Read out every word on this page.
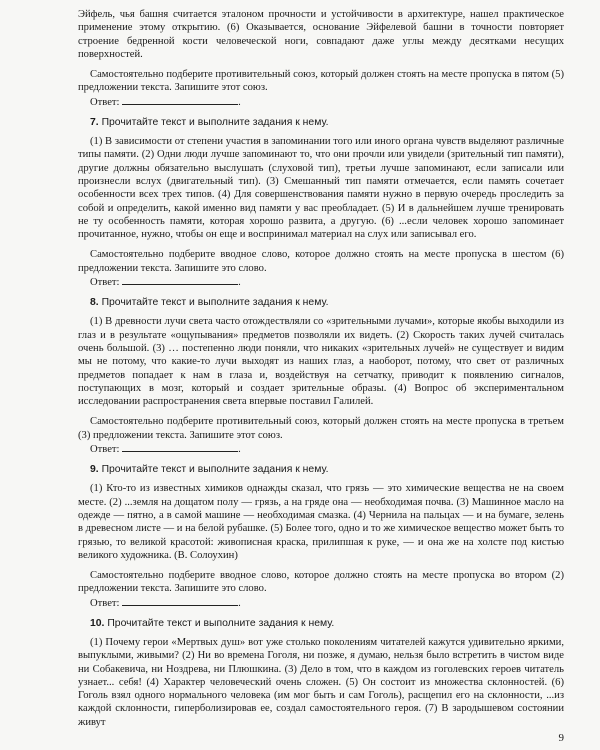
Эйфель, чья башня считается эталоном прочности и устойчивости в архитектуре, нашел практическое применение этому открытию. (6) Оказывается, основание Эйфелевой башни в точности повторяет строение бедренной кости человеческой ноги, совпадают даже углы между десятками несущих поверхностей.

Самостоятельно подберите противительный союз, который должен стоять на месте пропуска в пятом (5) предложении текста. Запишите этот союз.

Ответ:	.
7. Прочитайте текст и выполните задания к нему.

(1) В зависимости от степени участия в запоминании того или иного органа чувств выделяют различные типы памяти. (2) Одни люди лучше запоминают то, что они прочли или увидели (зрительный тип памяти), другие должны обязательно выслушать (слуховой тип), третьи лучше запоминают, если записали или произнесли вслух (двигательный тип). (3) Смешанный тип памяти отмечается, если память сочетает особенности всех трех типов. (4) Для совершенствования памяти нужно в первую очередь проследить за собой и определить, какой именно вид памяти у вас преобладает. (5) И в дальнейшем лучше тренировать не ту особенность памяти, которая хорошо развита, а другую. (6) ...если человек хорошо запоминает прочитанное, нужно, чтобы он еще и воспринимал материал на слух или записывал его.

Самостоятельно подберите вводное слово, которое должно стоять на месте пропуска в шестом (6) предложении текста. Запишите это слово.

Ответ:	.
8. Прочитайте текст и выполните задания к нему.

(1) В древности лучи света часто отождествляли со «зрительными лучами», которые якобы выходили из глаз и в результате «ощупывания» предметов позволяли их видеть. (2) Скорость таких лучей считалась очень большой. (3) … постепенно люди поняли, что никаких «зрительных лучей» не существует и видим мы не потому, что какие-то лучи выходят из наших глаз, а наоборот, потому, что свет от различных предметов попадает к нам в глаза и, воздействуя на сетчатку, приводит к появлению сигналов, поступающих в мозг, который и создает зрительные образы. (4) Вопрос об экспериментальном исследовании распространения света впервые поставил Галилей.

Самостоятельно подберите противительный союз, который должен стоять на месте пропуска в третьем (3) предложении текста. Запишите этот союз.

Ответ:	.
9. Прочитайте текст и выполните задания к нему.

(1) Кто-то из известных химиков однажды сказал, что грязь — это химические вещества не на своем месте. (2) ...земля на дощатом полу — грязь, а на гряде она — необходимая почва. (3) Машинное масло на одежде — пятно, а в самой машине — необходимая смазка. (4) Чернила на пальцах — и на бумаге, зелень в древесном листе — и на белой рубашке. (5) Более того, одно и то же химическое вещество может быть то грязью, то великой красотой: живописная краска, прилипшая к руке, — и она же на холсте под кистью великого художника. (В. Солоухин)

Самостоятельно подберите вводное слово, которое должно стоять на месте пропуска во втором (2) предложении текста. Запишите это слово.

Ответ:	.
10. Прочитайте текст и выполните задания к нему.

(1) Почему герои «Мертвых душ» вот уже столько поколениям читателей кажутся удивительно яркими, выпуклыми, живыми? (2) Ни во времена Гоголя, ни позже, я думаю, нельзя было встретить в чистом виде ни Собакевича, ни Ноздрева, ни Плюшкина. (3) Дело в том, что в каждом из гоголевских героев читатель узнает... себя! (4) Характер человеческий очень сложен. (5) Он состоит из множества склонностей. (6) Гоголь взял одного нормального человека (им мог быть и сам Гоголь), расщепил его на склонности, ...из каждой склонности, гиперболизировав ее, создал самостоятельного героя. (7) В зародышевом состоянии живут

9
